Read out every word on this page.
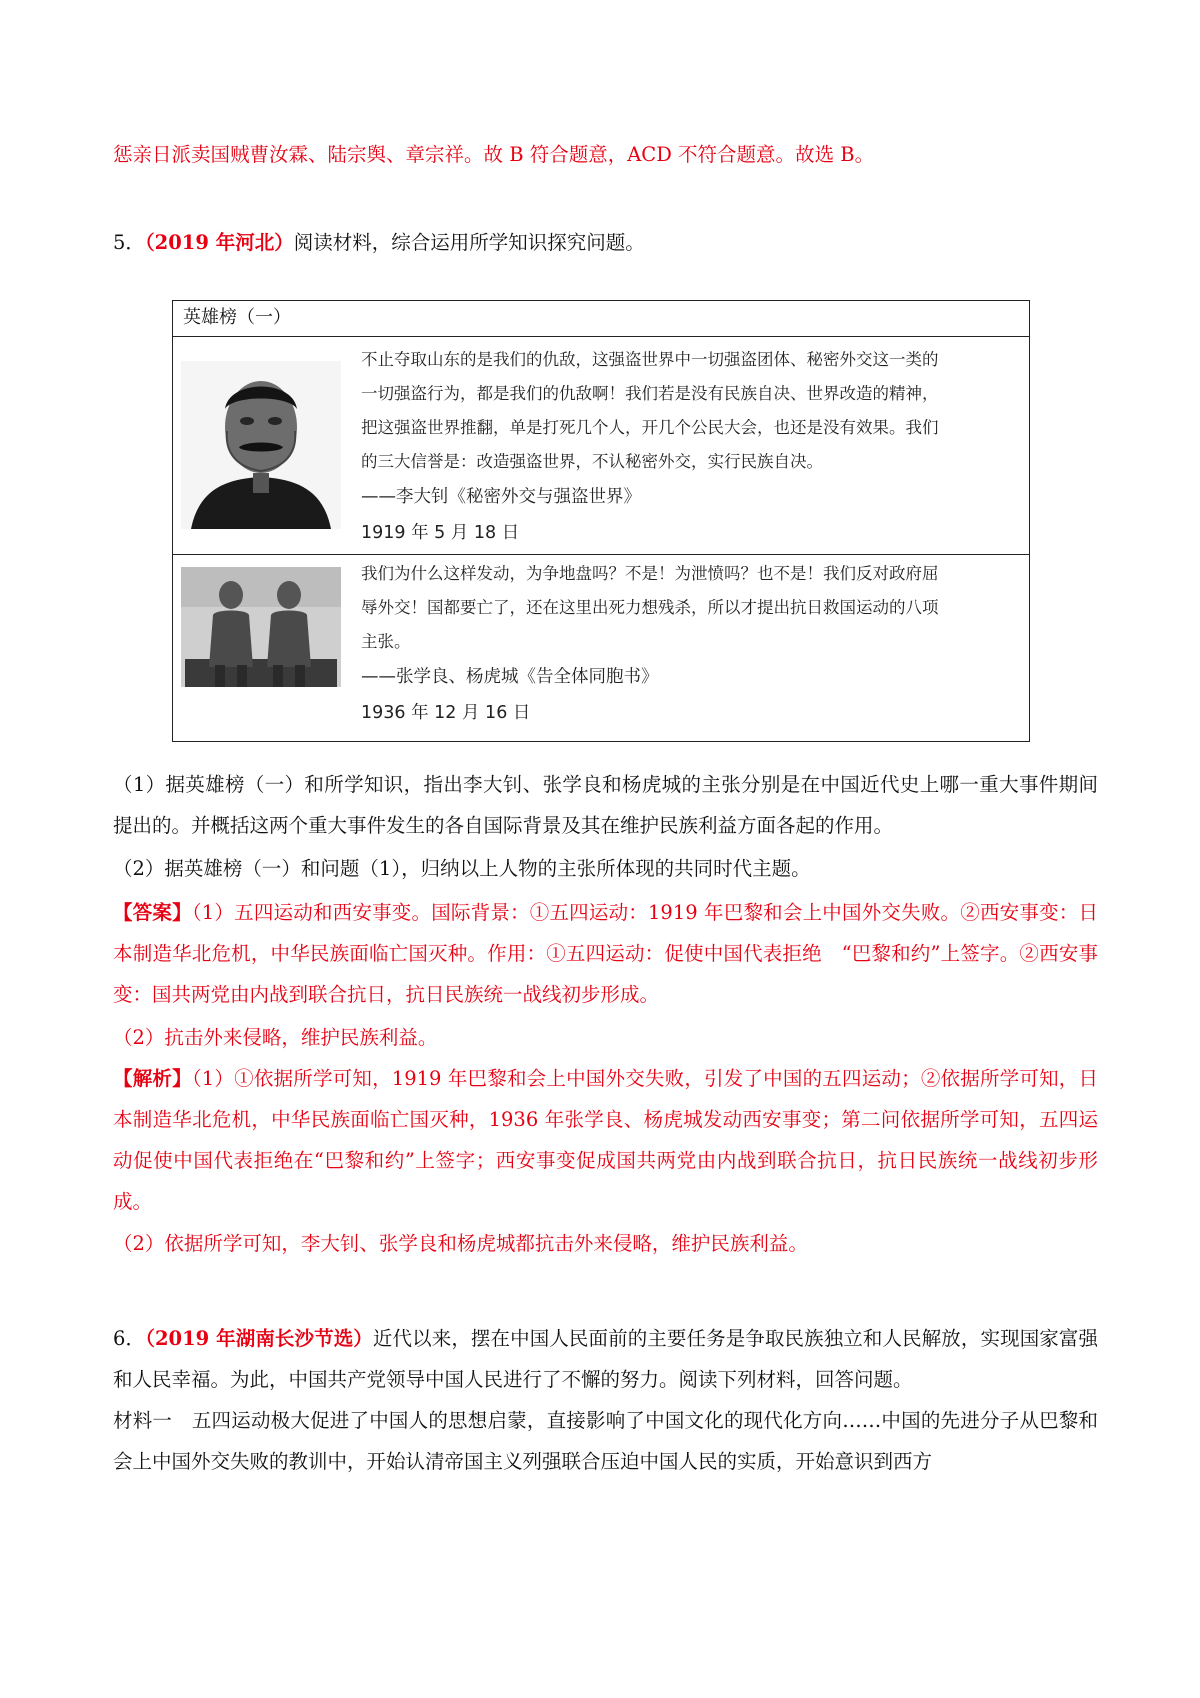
惩亲日派卖国贼曹汝霖、陆宗舆、章宗祥。故 B 符合题意，ACD 不符合题意。故选 B。
5．（2019 年河北）阅读材料，综合运用所学知识探究问题。
英雄榜（一）
不止夺取山东的是我们的仇敌，这强盗世界中一切强盗团体、秘密外交这一类的
一切强盗行为，都是我们的仇敌啊！我们若是没有民族自决、世界改造的精神，
把这强盗世界推翻，单是打死几个人，开几个公民大会，也还是没有效果。我们
的三大信誉是：改造强盗世界，不认秘密外交，实行民族自决。
——李大钊《秘密外交与强盗世界》
1919 年 5 月 18 日
我们为什么这样发动，为争地盘吗？不是！为泄愤吗？也不是！我们反对政府屈
辱外交！国都要亡了，还在这里出死力想残杀，所以才提出抗日救国运动的八项
主张。
——张学良、杨虎城《告全体同胞书》
1936 年 12 月 16 日
（1）据英雄榜（一）和所学知识，指出李大钊、张学良和杨虎城的主张分别是在中国近代史上哪一重大事件期间提出的。并概括这两个重大事件发生的各自国际背景及其在维护民族利益方面各起的作用。
（2）据英雄榜（一）和问题（1），归纳以上人物的主张所体现的共同时代主题。
【答案】（1）五四运动和西安事变。国际背景：①五四运动：1919 年巴黎和会上中国外交失败。②西安事变：日本制造华北危机，中华民族面临亡国灭种。作用：①五四运动：促使中国代表拒绝　“巴黎和约”上签字。②西安事变：国共两党由内战到联合抗日，抗日民族统一战线初步形成。
（2）抗击外来侵略，维护民族利益。
【解析】（1）①依据所学可知，1919 年巴黎和会上中国外交失败，引发了中国的五四运动；②依据所学可知，日本制造华北危机，中华民族面临亡国灭种，1936 年张学良、杨虎城发动西安事变；第二问依据所学可知，五四运动促使中国代表拒绝在“巴黎和约”上签字；西安事变促成国共两党由内战到联合抗日，抗日民族统一战线初步形成。
（2）依据所学可知，李大钊、张学良和杨虎城都抗击外来侵略，维护民族利益。
6．（2019 年湖南长沙节选）近代以来，摆在中国人民面前的主要任务是争取民族独立和人民解放，实现国家富强和人民幸福。为此，中国共产党领导中国人民进行了不懈的努力。阅读下列材料，回答问题。
材料一　五四运动极大促进了中国人的思想启蒙，直接影响了中国文化的现代化方向……中国的先进分子从巴黎和会上中国外交失败的教训中，开始认清帝国主义列强联合压迫中国人民的实质，开始意识到西方
